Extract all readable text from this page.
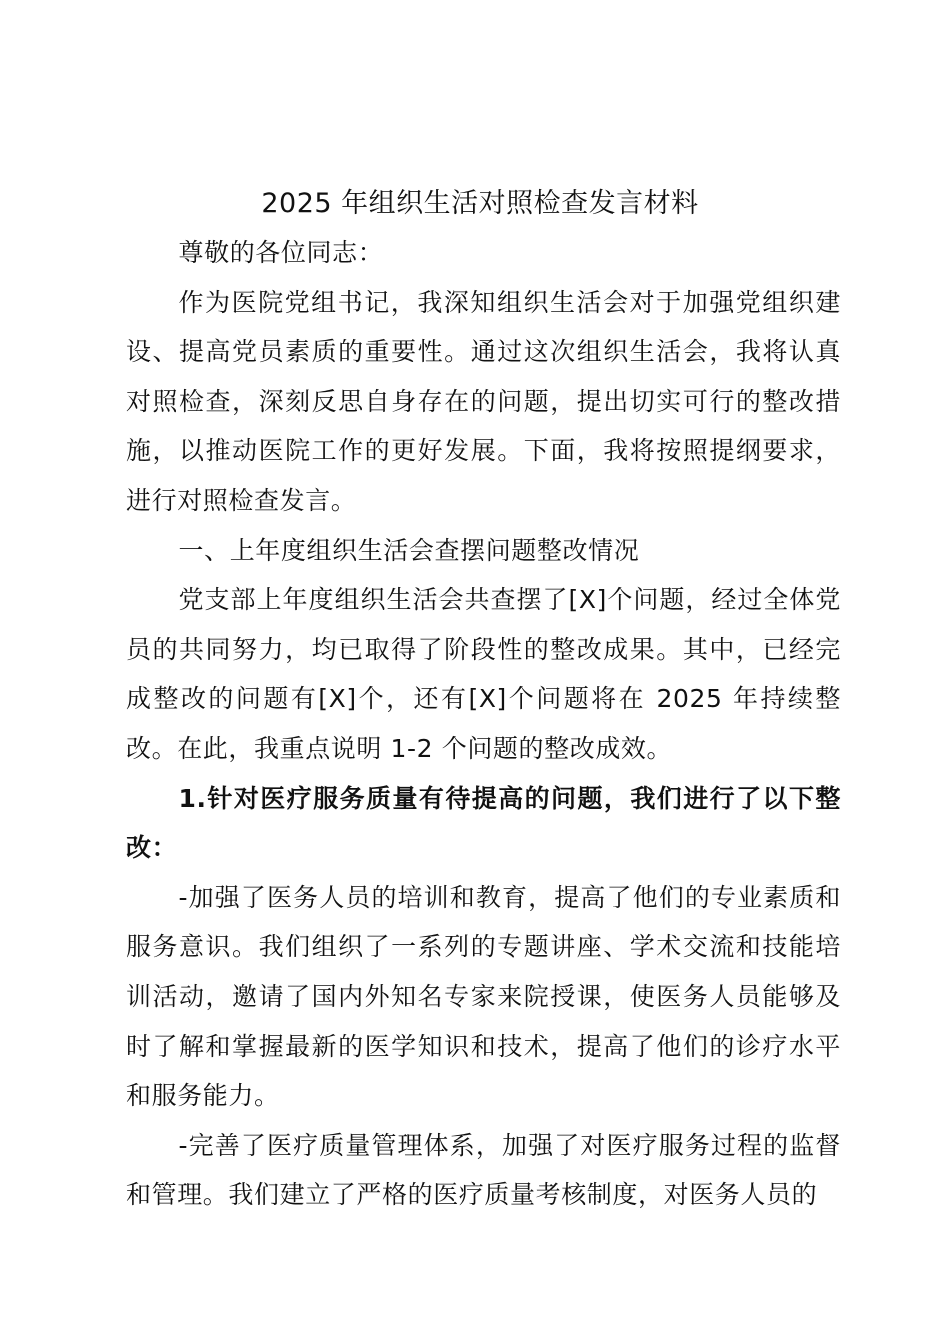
2025 年组织生活对照检查发言材料

尊敬的各位同志：

作为医院党组书记，我深知组织生活会对于加强党组织建设、提高党员素质的重要性。通过这次组织生活会，我将认真对照检查，深刻反思自身存在的问题，提出切实可行的整改措施，以推动医院工作的更好发展。下面，我将按照提纲要求，进行对照检查发言。

一、上年度组织生活会查摆问题整改情况

党支部上年度组织生活会共查摆了[X]个问题，经过全体党员的共同努力，均已取得了阶段性的整改成果。其中，已经完成整改的问题有[X]个，还有[X]个问题将在 2025 年持续整改。在此，我重点说明 1-2 个问题的整改成效。

1.针对医疗服务质量有待提高的问题，我们进行了以下整改：

-加强了医务人员的培训和教育，提高了他们的专业素质和服务意识。我们组织了一系列的专题讲座、学术交流和技能培训活动，邀请了国内外知名专家来院授课，使医务人员能够及时了解和掌握最新的医学知识和技术，提高了他们的诊疗水平和服务能力。

-完善了医疗质量管理体系，加强了对医疗服务过程的监督和管理。我们建立了严格的医疗质量考核制度，对医务人员的
